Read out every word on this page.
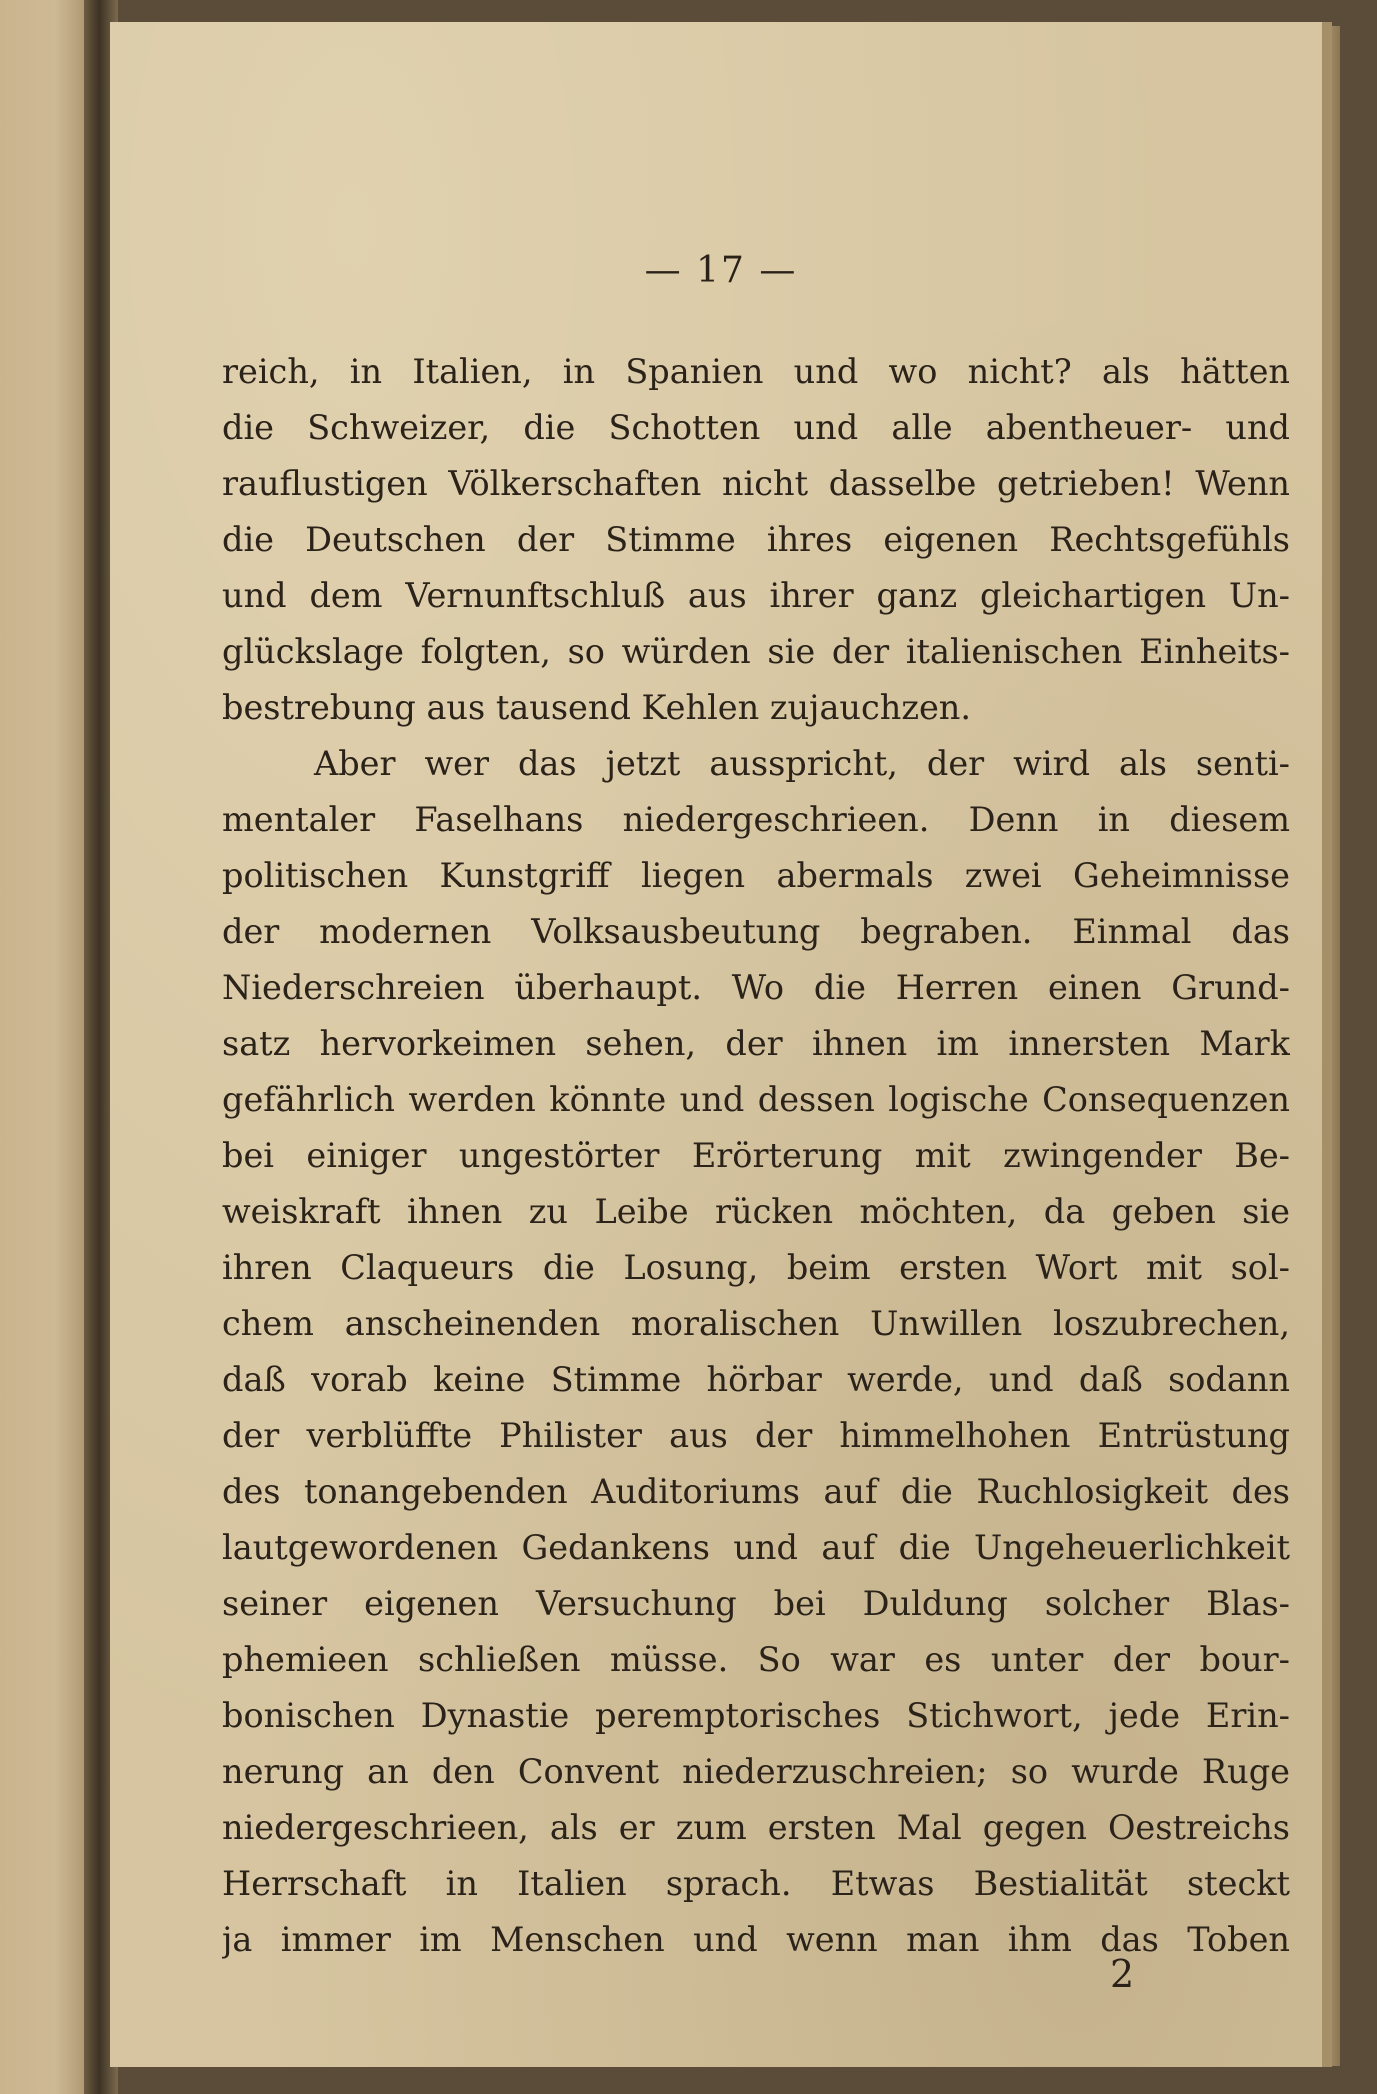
— 17 —
reich, in Italien, in Spanien und wo nicht? als hätten
die Schweizer, die Schotten und alle abentheuer- und
rauflustigen Völkerschaften nicht dasselbe getrieben! Wenn
die Deutschen der Stimme ihres eigenen Rechtsgefühls
und dem Vernunftschluß aus ihrer ganz gleichartigen Un-
glückslage folgten, so würden sie der italienischen Einheits-
bestrebung aus tausend Kehlen zujauchzen.
Aber wer das jetzt ausspricht, der wird als senti-
mentaler Faselhans niedergeschrieen. Denn in diesem
politischen Kunstgriff liegen abermals zwei Geheimnisse
der modernen Volksausbeutung begraben. Einmal das
Niederschreien überhaupt. Wo die Herren einen Grund-
satz hervorkeimen sehen, der ihnen im innersten Mark
gefährlich werden könnte und dessen logische Consequenzen
bei einiger ungestörter Erörterung mit zwingender Be-
weiskraft ihnen zu Leibe rücken möchten, da geben sie
ihren Claqueurs die Losung, beim ersten Wort mit sol-
chem anscheinenden moralischen Unwillen loszubrechen,
daß vorab keine Stimme hörbar werde, und daß sodann
der verblüffte Philister aus der himmelhohen Entrüstung
des tonangebenden Auditoriums auf die Ruchlosigkeit des
lautgewordenen Gedankens und auf die Ungeheuerlichkeit
seiner eigenen Versuchung bei Duldung solcher Blas-
phemieen schließen müsse. So war es unter der bour-
bonischen Dynastie peremptorisches Stichwort, jede Erin-
nerung an den Convent niederzuschreien; so wurde Ruge
niedergeschrieen, als er zum ersten Mal gegen Oestreichs
Herrschaft in Italien sprach. Etwas Bestialität steckt
ja immer im Menschen und wenn man ihm das Toben
2
